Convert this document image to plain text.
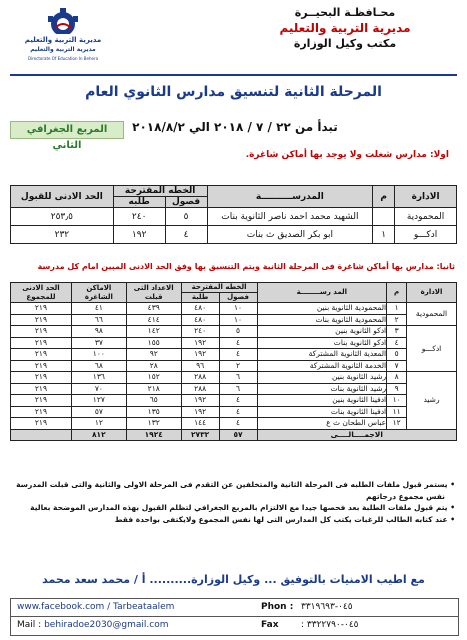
مديرية التربية والتعليم
مديرية التربية والتعليم
Directorate Of Education In Behera
محـافظـة البحيــرة
مديرية التربية والتعليم
مكتب وكيل الوزارة
المرحلة الثانية لتنسيق مدارس الثانوي العام
تبدأ من ٢٢ / ٧ / ٢٠١٨ الي ٢٠١٨/٨/٢
المربع الجغرافي الثاني
اولا: مدارس شغلت ولا يوجد بها أماكن شاغرة.
الادارة	م	المدرســــــــــة	الخطه المقترحة		الحد الادنى للقبول
			فصول	طلبه	
المحمودية		الشهيد محمد احمد ناصر الثانوية بنات	٥	٢٤٠	٢٥٣٫٥
ادكـــو	١	ابو بكر الصديق ث بنات	٤	١٩٢	٢٣٢
ثانيا: مدارس بها أماكن شاغرة فى المرحلة الثانية ويتم التنسيق بها وفق الحد الادنى المبين امام كل مدرسة
الادارة	م	المد رســــــــة	الخطه المقترحة		الاعداد التى قبلت	الاماكن الشاغرة	الحد الادنى للمجموع
			فصول	طلبة			
المحمودية	١	المحمودية الثانوية بنين	١٠	٤٨٠	٤٣٩	٤١	٢١٩
	٢	المحمودية الثانوية بنات	١٠	٤٨٠	٤١٤	٦٦	٢١٩
ادكـــو	٣	ادكو الثانوية بنين	٥	٢٤٠	١٤٢	٩٨	٢١٩
	٤	ادكو الثانوية بنات	٤	١٩٢	١٥٥	٣٧	٢١٩
	٥	المعدية الثانوية المشتركة	٤	١٩٢	٩٢	١٠٠	٢١٩
	٧	الخدمة الثانوية المشتركة	٢	٩٦	٢٨	٦٨	٢١٩
رشيد	٨	رشيد الثانوية بنين	٦	٢٨٨	١٥٢	١٣٦	٢١٩
	٩	رشيد الثانوية بنات	٦	٢٨٨	٢١٨	٧٠	٢١٩
	١٠	ادفينا الثانوية بنين	٤	١٩٢	٦٥	١٢٧	٢١٩
	١١	ادفينا الثانوية بنات	٤	١٩٢	١٣٥	٥٧	٢١٩
	١٢	عباس الطحان ث ع	٤	١٤٤	١٣٢	١٢	٢١٩
الاجمــــالــــى			٥٧	٢٧٣٢	١٩٢٤	٨١٢	
• يستمر قبول ملفات الطلبه فى المرحلة الثانية والمتخلفين عن التقدم فى المرحلة الاولى والثانية والتى قبلت المدرسة
نفس مجموع درجاتهم
• يتم قبول ملفات الطلبة بعد فحصها جيدا مع الالتزام بالمربع الجغرافي لتظلم القبول بهذه المدارس الموضحة بعالية
• عند كتابه الطالب للرغبات يكتب كل المدارس التى لها نفس المجموع ولايكتفى بواحدة فقط
مع اطيب الامنيات بالتوفيق ... وكيل الوزارة.......... أ / محمد سعد محمد
www.facebook.com / Tarbeataalem	Phon : ٠٤٥-٣٣١٩٦٩٣
Mail : behiradoe2030@gmail.com	Fax	: ٠٤٥-٣٣٢٢٧٩٠
